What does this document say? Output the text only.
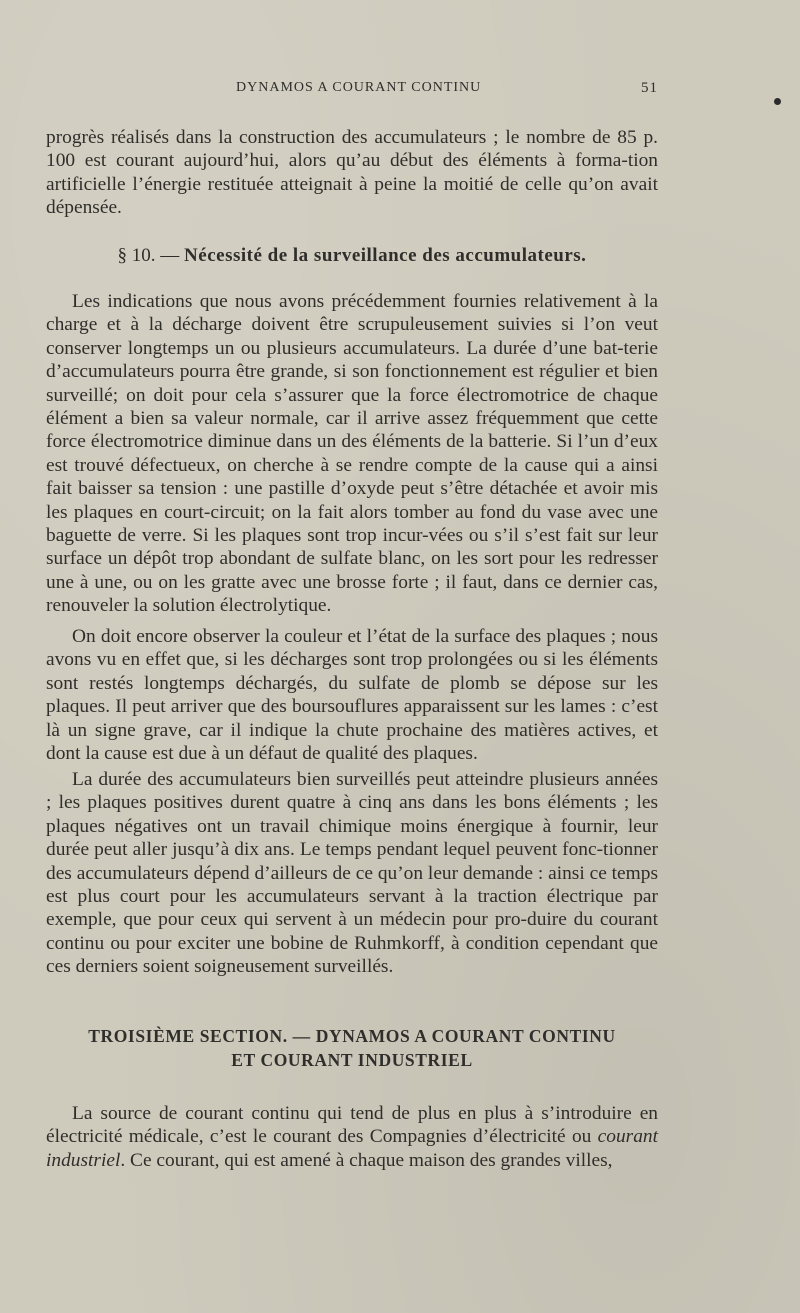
DYNAMOS A COURANT CONTINU	51

progrès réalisés dans la construction des accumulateurs ; le nombre de 85 p. 100 est courant aujourd’hui, alors qu’au début des éléments à forma-tion artificielle l’énergie restituée atteignait à peine la moitié de celle qu’on avait dépensée.

§ 10. — Nécessité de la surveillance des accumulateurs.

Les indications que nous avons précédemment fournies relativement à la charge et à la décharge doivent être scrupuleusement suivies si l’on veut conserver longtemps un ou plusieurs accumulateurs. La durée d’une bat-terie d’accumulateurs pourra être grande, si son fonctionnement est régulier et bien surveillé; on doit pour cela s’assurer que la force électromotrice de chaque élément a bien sa valeur normale, car il arrive assez fréquemment que cette force électromotrice diminue dans un des éléments de la batterie. Si l’un d’eux est trouvé défectueux, on cherche à se rendre compte de la cause qui a ainsi fait baisser sa tension : une pastille d’oxyde peut s’être détachée et avoir mis les plaques en court-circuit; on la fait alors tomber au fond du vase avec une baguette de verre. Si les plaques sont trop incur-vées ou s’il s’est fait sur leur surface un dépôt trop abondant de sulfate blanc, on les sort pour les redresser une à une, ou on les gratte avec une brosse forte ; il faut, dans ce dernier cas, renouveler la solution électrolytique.

On doit encore observer la couleur et l’état de la surface des plaques ; nous avons vu en effet que, si les décharges sont trop prolongées ou si les éléments sont restés longtemps déchargés, du sulfate de plomb se dépose sur les plaques. Il peut arriver que des boursouflures apparaissent sur les lames : c’est là un signe grave, car il indique la chute prochaine des matières actives, et dont la cause est due à un défaut de qualité des plaques.

La durée des accumulateurs bien surveillés peut atteindre plusieurs années ; les plaques positives durent quatre à cinq ans dans les bons éléments ; les plaques négatives ont un travail chimique moins énergique à fournir, leur durée peut aller jusqu’à dix ans. Le temps pendant lequel peuvent fonc-tionner des accumulateurs dépend d’ailleurs de ce qu’on leur demande : ainsi ce temps est plus court pour les accumulateurs servant à la traction électrique par exemple, que pour ceux qui servent à un médecin pour pro-duire du courant continu ou pour exciter une bobine de Ruhmkorff, à condition cependant que ces derniers soient soigneusement surveillés.

TROISIÈME SECTION. — DYNAMOS A COURANT CONTINU
ET COURANT INDUSTRIEL

La source de courant continu qui tend de plus en plus à s’introduire en électricité médicale, c’est le courant des Compagnies d’électricité ou courant industriel. Ce courant, qui est amené à chaque maison des grandes villes,
